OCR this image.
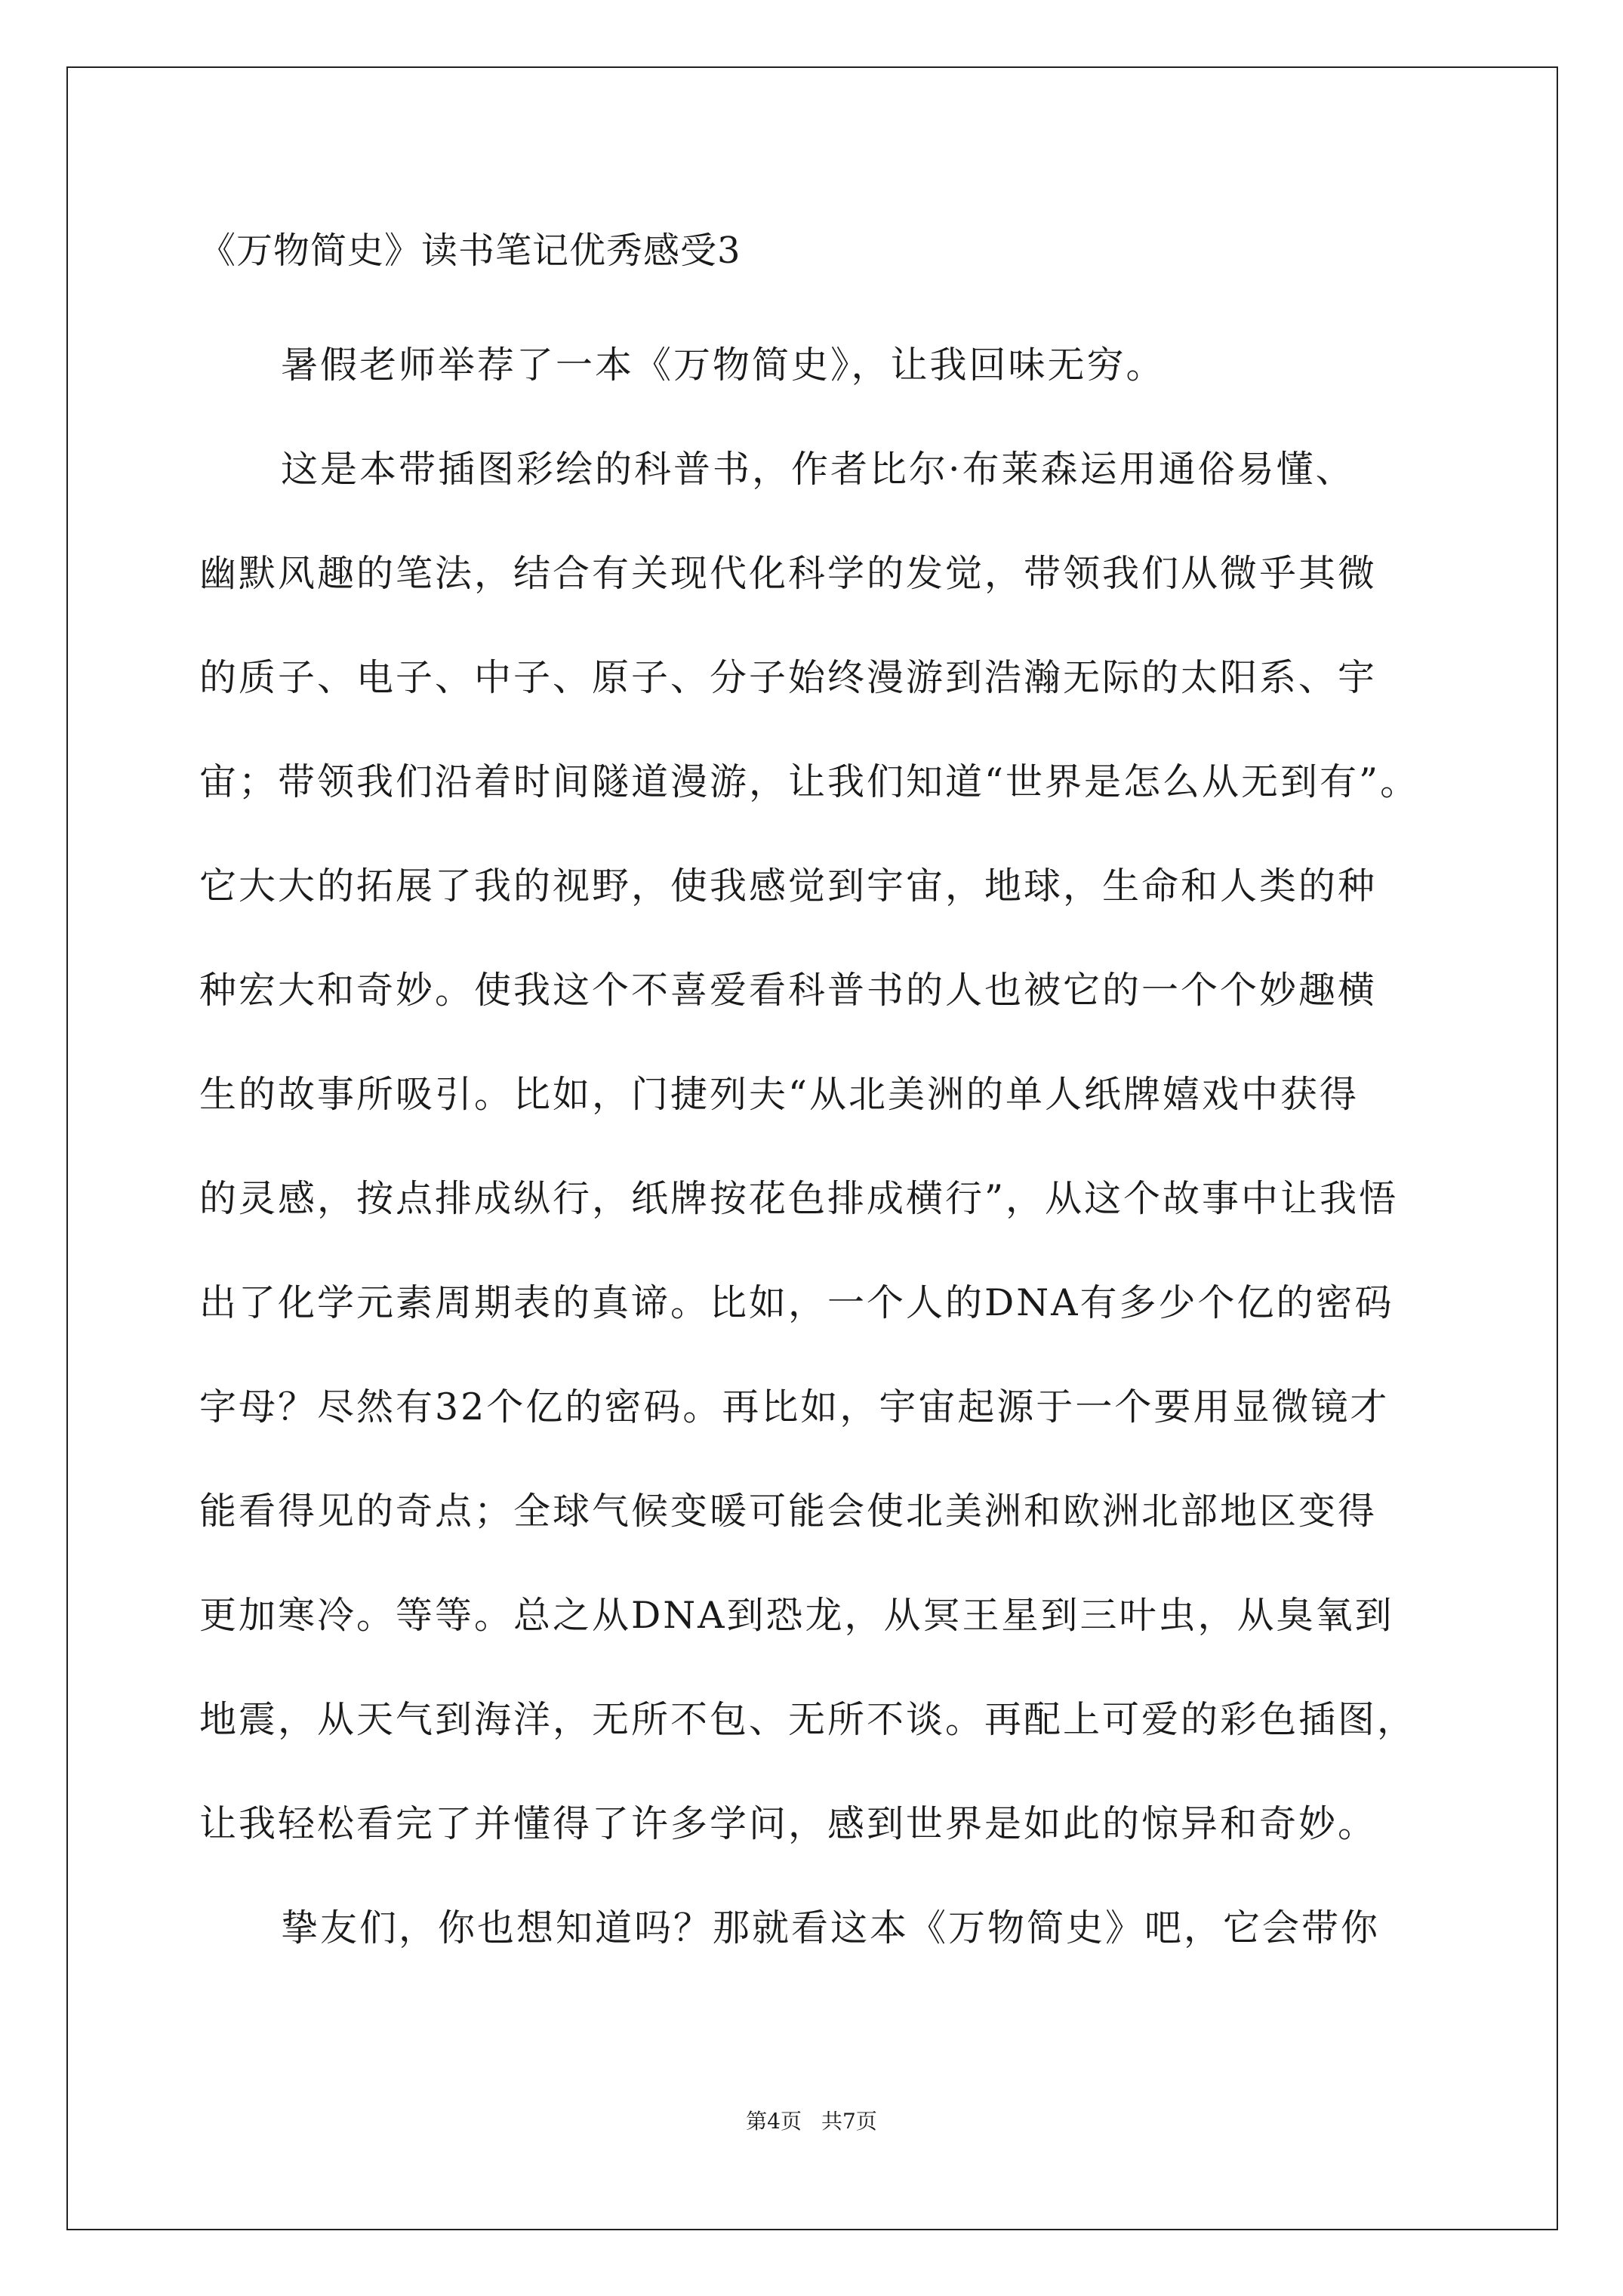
《万物简史》读书笔记优秀感受3
暑假老师举荐了一本《万物简史》，让我回味无穷。
这是本带插图彩绘的科普书，作者比尔·布莱森运用通俗易懂、
幽默风趣的笔法，结合有关现代化科学的发觉，带领我们从微乎其微
的质子、电子、中子、原子、分子始终漫游到浩瀚无际的太阳系、宇
宙；带领我们沿着时间隧道漫游，让我们知道“世界是怎么从无到有”。
它大大的拓展了我的视野，使我感觉到宇宙，地球，生命和人类的种
种宏大和奇妙。使我这个不喜爱看科普书的人也被它的一个个妙趣横
生的故事所吸引。比如，门捷列夫“从北美洲的单人纸牌嬉戏中获得
的灵感，按点排成纵行，纸牌按花色排成横行”，从这个故事中让我悟
出了化学元素周期表的真谛。比如，一个人的DNA有多少个亿的密码
字母？尽然有32个亿的密码。再比如，宇宙起源于一个要用显微镜才
能看得见的奇点；全球气候变暖可能会使北美洲和欧洲北部地区变得
更加寒冷。等等。总之从DNA到恐龙，从冥王星到三叶虫，从臭氧到
地震，从天气到海洋，无所不包、无所不谈。再配上可爱的彩色插图，
让我轻松看完了并懂得了许多学问，感到世界是如此的惊异和奇妙。
挚友们，你也想知道吗？那就看这本《万物简史》吧，它会带你
第4页 共7页
